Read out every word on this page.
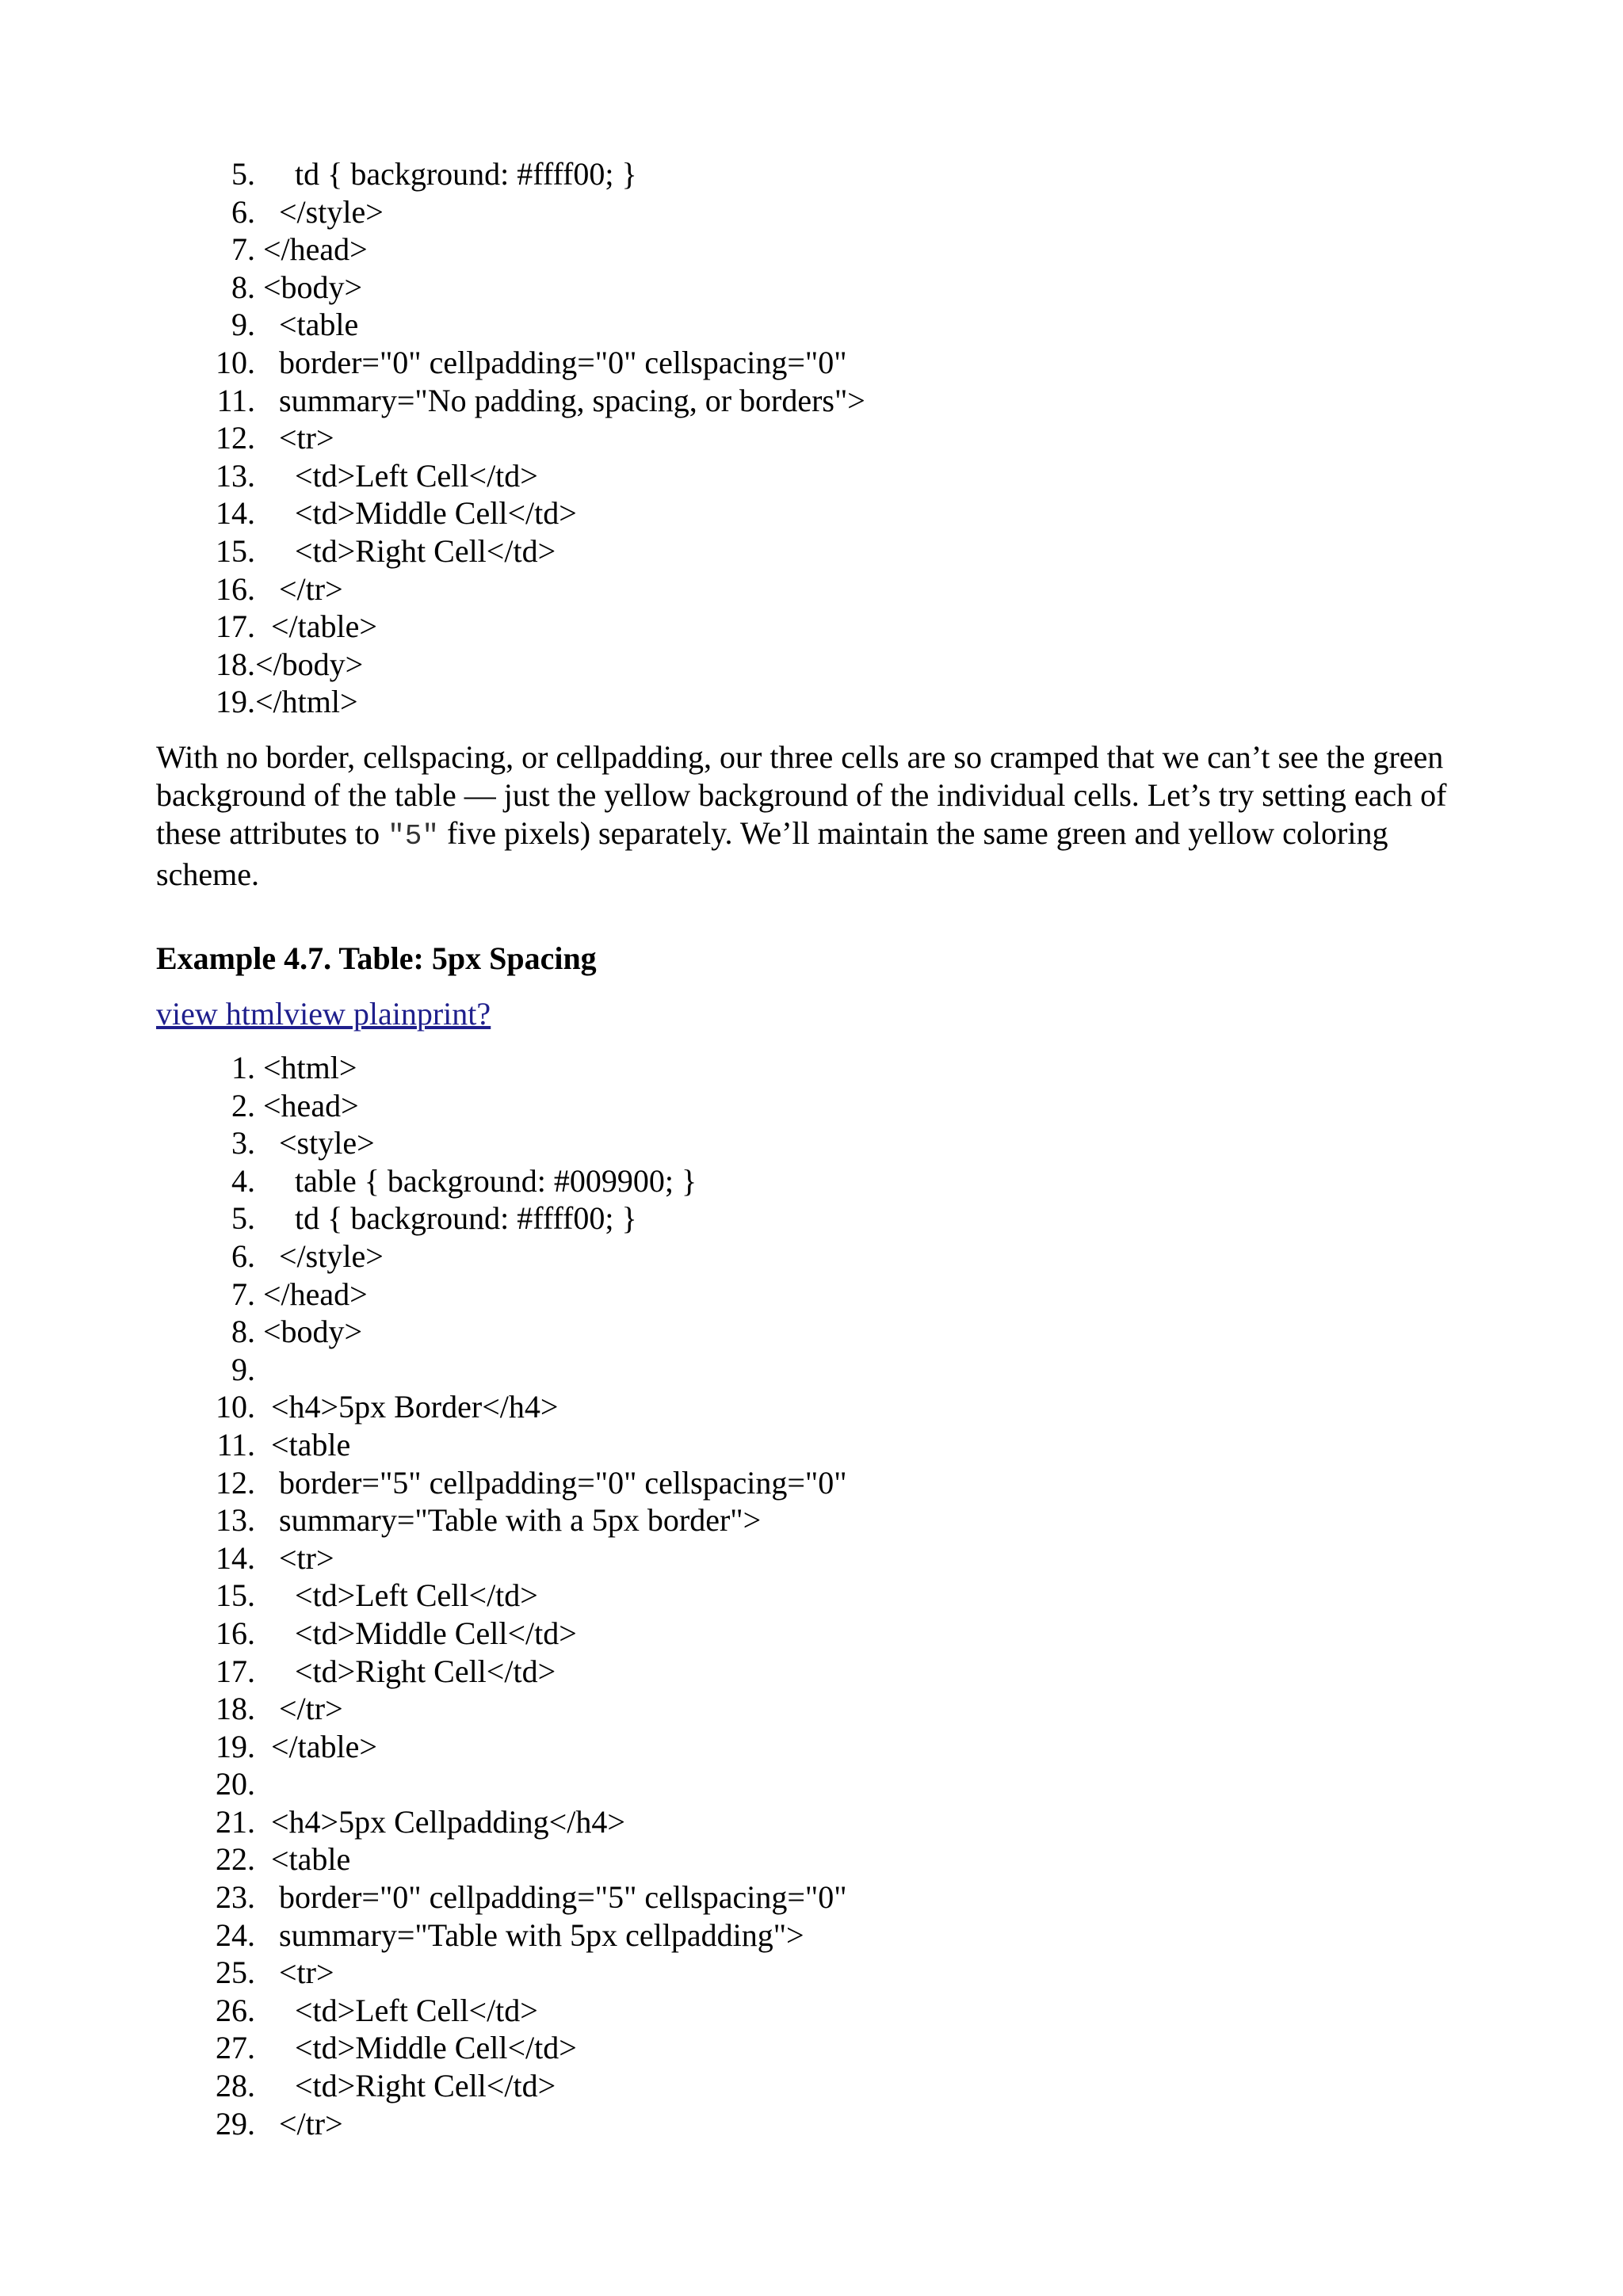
5.     td { background: #ffff00; }
6.   </style>
7. </head>
8. <body>
9.   <table
10.   border="0" cellpadding="0" cellspacing="0"
11.   summary="No padding, spacing, or borders">
12.   <tr>
13.     <td>Left Cell</td>
14.     <td>Middle Cell</td>
15.     <td>Right Cell</td>
16.   </tr>
17.  </table>
18.</body>
19.</html>

With no border, cellspacing, or cellpadding, our three cells are so cramped that we can’t see the green background of the table — just the yellow background of the individual cells. Let’s try setting each of these attributes to "5" five pixels) separately. We’ll maintain the same green and yellow coloring scheme.

Example 4.7. Table: 5px Spacing
view htmlview plainprint?
1. <html>
2. <head>
3.   <style>
4.     table { background: #009900; }
5.     td { background: #ffff00; }
6.   </style>
7. </head>
8. <body>
9.
10.  <h4>5px Border</h4>
11.  <table
12.   border="5" cellpadding="0" cellspacing="0"
13.   summary="Table with a 5px border">
14.   <tr>
15.     <td>Left Cell</td>
16.     <td>Middle Cell</td>
17.     <td>Right Cell</td>
18.   </tr>
19.  </table>
20.
21.  <h4>5px Cellpadding</h4>
22.  <table
23.   border="0" cellpadding="5" cellspacing="0"
24.   summary="Table with 5px cellpadding">
25.   <tr>
26.     <td>Left Cell</td>
27.     <td>Middle Cell</td>
28.     <td>Right Cell</td>
29.   </tr>
